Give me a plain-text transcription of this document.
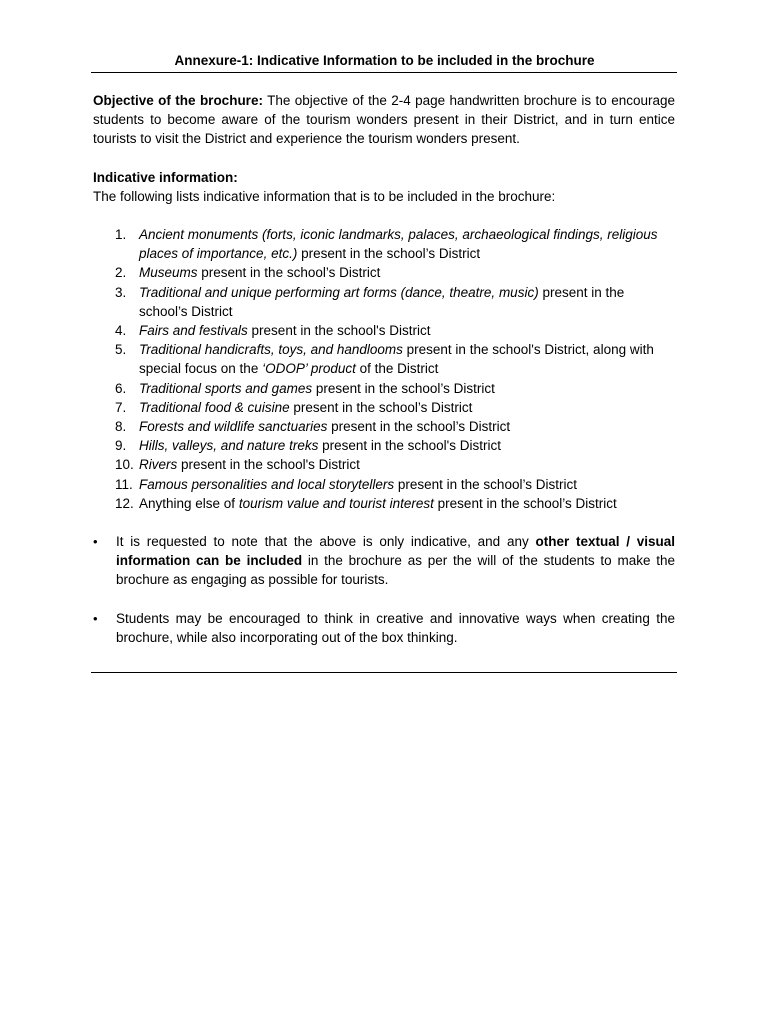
Annexure-1: Indicative Information to be included in the brochure

Objective of the brochure: The objective of the 2-4 page handwritten brochure is to encourage students to become aware of the tourism wonders present in their District, and in turn entice tourists to visit the District and experience the tourism wonders present.

Indicative information:

The following lists indicative information that is to be included in the brochure:

1. Ancient monuments (forts, iconic landmarks, palaces, archaeological findings, religious places of importance, etc.) present in the school’s District
2. Museums present in the school’s District
3. Traditional and unique performing art forms (dance, theatre, music) present in the school’s District
4. Fairs and festivals present in the school's District
5. Traditional handicrafts, toys, and handlooms present in the school's District, along with special focus on the ‘ODOP’ product of the District
6. Traditional sports and games present in the school’s District
7. Traditional food & cuisine present in the school’s District
8. Forests and wildlife sanctuaries present in the school’s District
9. Hills, valleys, and nature treks present in the school's District
10. Rivers present in the school's District
11. Famous personalities and local storytellers present in the school’s District
12. Anything else of tourism value and tourist interest present in the school’s District
• It is requested to note that the above is only indicative, and any other textual / visual information can be included in the brochure as per the will of the students to make the brochure as engaging as possible for tourists.
• Students may be encouraged to think in creative and innovative ways when creating the brochure, while also incorporating out of the box thinking.
